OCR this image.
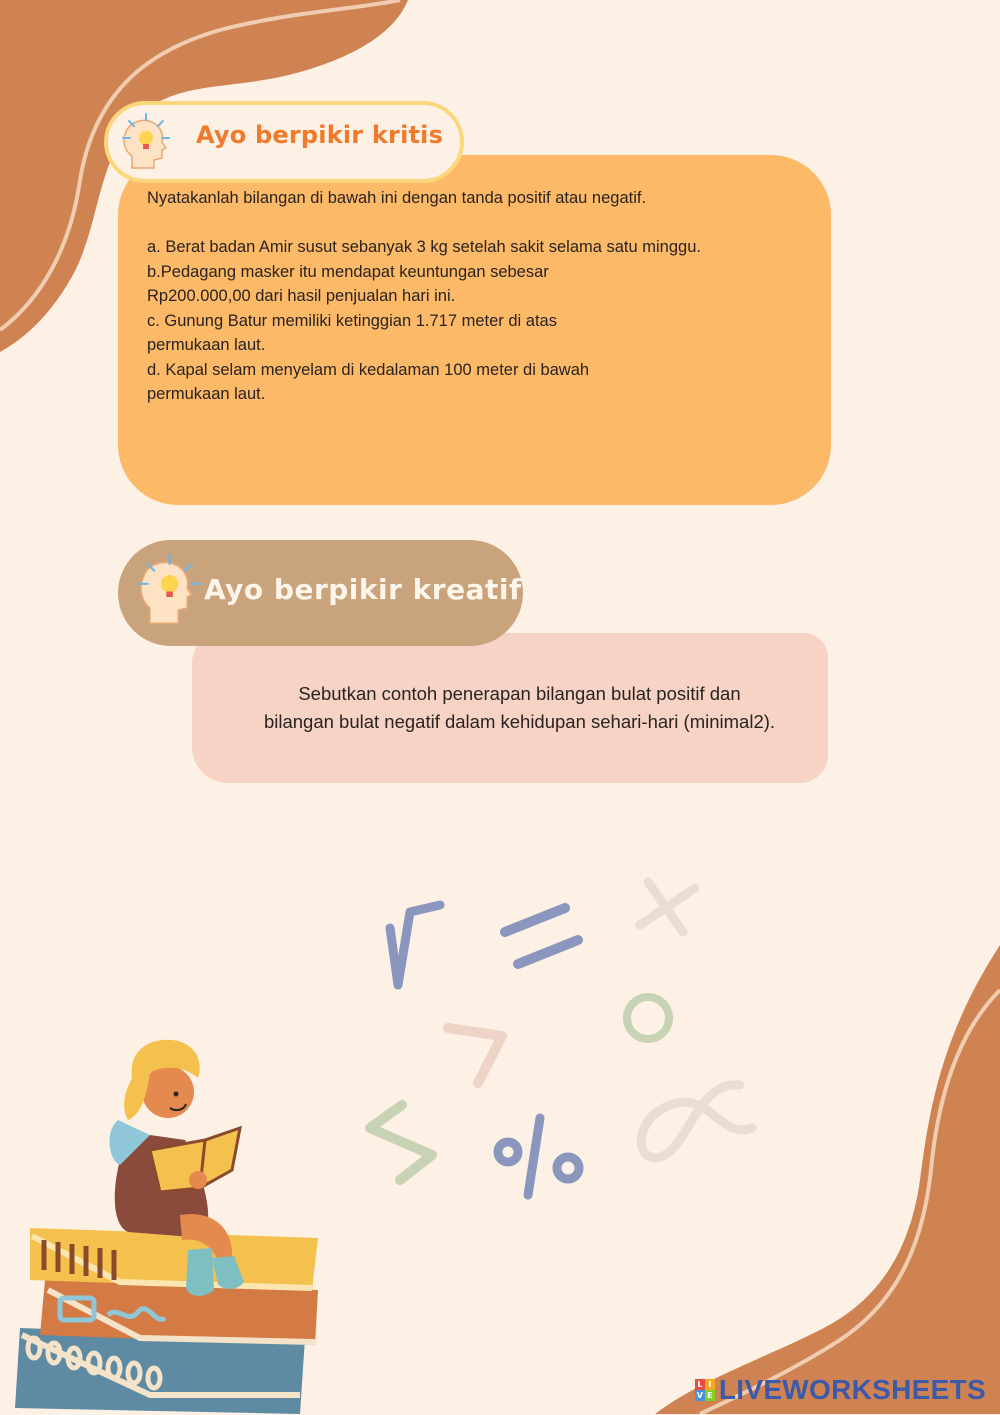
Ayo berpikir kritis
Nyatakanlah bilangan di bawah ini dengan tanda positif atau negatif.
a. Berat badan Amir susut sebanyak 3 kg setelah sakit selama satu minggu.
b.Pedagang masker itu mendapat keuntungan sebesar
Rp200.000,00 dari hasil penjualan hari ini.
c. Gunung Batur memiliki ketinggian 1.717 meter di atas
permukaan laut.
d. Kapal selam menyelam di kedalaman 100 meter di bawah
permukaan laut.
Ayo berpikir kreatif
Sebutkan contoh penerapan bilangan bulat positif dan
bilangan bulat negatif dalam kehidupan sehari-hari (minimal2).
L I
V E LIVEWORKSHEETS
